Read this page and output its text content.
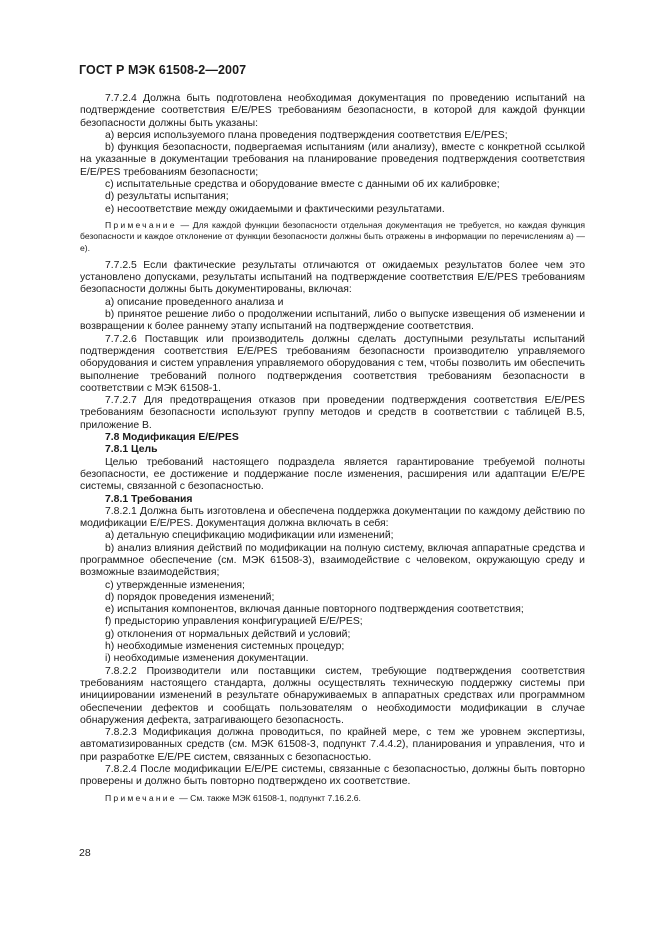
ГОСТ Р МЭК 61508-2—2007

7.7.2.4 Должна быть подготовлена необходимая документация по проведению испытаний на подтверждение соответствия E/E/PES требованиям безопасности, в которой для каждой функции безопасности должны быть указаны:

a) версия используемого плана проведения подтверждения соответствия E/E/PES;

b) функция безопасности, подвергаемая испытаниям (или анализу), вместе с конкретной ссылкой на указанные в документации требования на планирование проведения подтверждения соответствия E/E/PES требованиям безопасности;

c) испытательные средства и оборудование вместе с данными об их калибровке;

d) результаты испытания;

e) несоответствие между ожидаемыми и фактическими результатами.

Примечание — Для каждой функции безопасности отдельная документация не требуется, но каждая функция безопасности и каждое отклонение от функции безопасности должны быть отражены в информации по перечислениям а) — е).

7.7.2.5 Если фактические результаты отличаются от ожидаемых результатов более чем это установлено допусками, результаты испытаний на подтверждение соответствия E/E/PES требованиям безопасности должны быть документированы, включая:

a) описание проведенного анализа и

b) принятое решение либо о продолжении испытаний, либо о выпуске извещения об изменении и возвращении к более раннему этапу испытаний на подтверждение соответствия.

7.7.2.6 Поставщик или производитель должны сделать доступными результаты испытаний подтверждения соответствия E/E/PES требованиям безопасности производителю управляемого оборудования и систем управления управляемого оборудования с тем, чтобы позволить им обеспечить выполнение требований полного подтверждения соответствия требованиям безопасности в соответствии с МЭК 61508-1.

7.7.2.7 Для предотвращения отказов при проведении подтверждения соответствия E/E/PES требованиям безопасности используют группу методов и средств в соответствии с таблицей В.5, приложение В.

7.8 Модификация E/E/PES

7.8.1 Цель

Целью требований настоящего подраздела является гарантирование требуемой полноты безопасности, ее достижение и поддержание после изменения, расширения или адаптации E/E/PE системы, связанной с безопасностью.

7.8.1 Требования

7.8.2.1 Должна быть изготовлена и обеспечена поддержка документации по каждому действию по модификации E/E/PES. Документация должна включать в себя:

a) детальную спецификацию модификации или изменений;

b) анализ влияния действий по модификации на полную систему, включая аппаратные средства и программное обеспечение (см. МЭК 61508-3), взаимодействие с человеком, окружающую среду и возможные взаимодействия;

c) утвержденные изменения;

d) порядок проведения изменений;

e) испытания компонентов, включая данные повторного подтверждения соответствия;

f) предыcторию управления конфигурацией E/E/PES;

g) отклонения от нормальных действий и условий;

h) необходимые изменения системных процедур;

i) необходимые изменения документации.

7.8.2.2 Производители или поставщики систем, требующие подтверждения соответствия требованиям настоящего стандарта, должны осуществлять техническую поддержку системы при инициировании изменений в результате обнаруживаемых в аппаратных средствах или программном обеспечении дефектов и сообщать пользователям о необходимости модификации в случае обнаружения дефекта, затрагивающего безопасность.

7.8.2.3 Модификация должна проводиться, по крайней мере, с тем же уровнем экспертизы, автоматизированных средств (см. МЭК 61508-3, подпункт 7.4.4.2), планирования и управления, что и при разработке E/E/PE систем, связанных с безопасностью.

7.8.2.4 После модификации E/E/PE системы, связанные с безопасностью, должны быть повторно проверены и должно быть повторно подтверждено их соответствие.

Примечание — См. также МЭК 61508-1, подпункт 7.16.2.6.

28
